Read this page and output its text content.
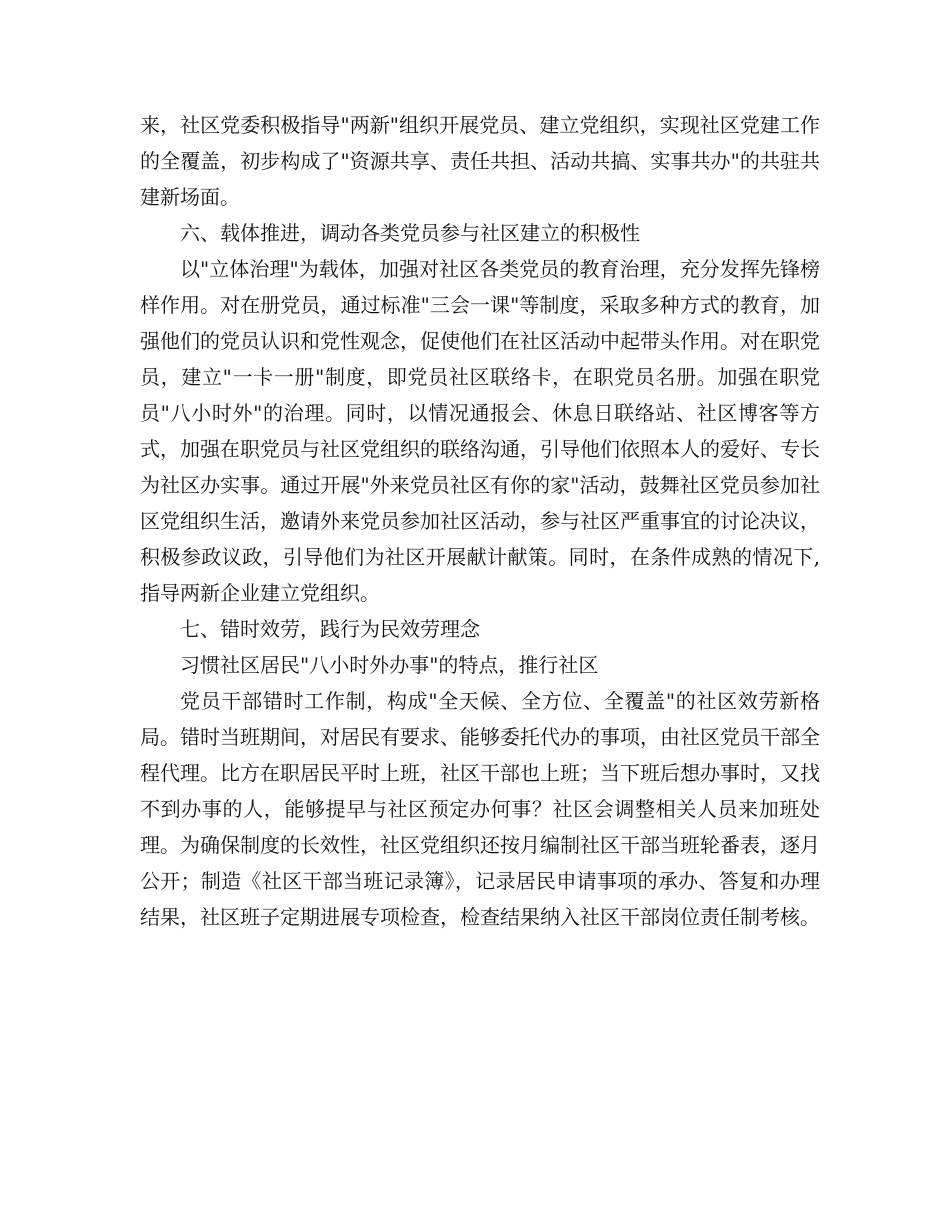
来，社区党委积极指导"两新"组织开展党员、建立党组织，实现社区党建工作的全覆盖，初步构成了"资源共享、责任共担、活动共搞、实事共办"的共驻共建新场面。

六、载体推进，调动各类党员参与社区建立的积极性

以"立体治理"为载体，加强对社区各类党员的教育治理，充分发挥先锋榜样作用。对在册党员，通过标准"三会一课"等制度，采取多种方式的教育，加强他们的党员认识和党性观念，促使他们在社区活动中起带头作用。对在职党员，建立"一卡一册"制度，即党员社区联络卡，在职党员名册。加强在职党员"八小时外"的治理。同时，以情况通报会、休息日联络站、社区博客等方式，加强在职党员与社区党组织的联络沟通，引导他们依照本人的爱好、专长为社区办实事。通过开展"外来党员社区有你的家"活动，鼓舞社区党员参加社区党组织生活，邀请外来党员参加社区活动，参与社区严重事宜的讨论决议，积极参政议政，引导他们为社区开展献计献策。同时，在条件成熟的情况下,指导两新企业建立党组织。

七、错时效劳，践行为民效劳理念

习惯社区居民"八小时外办事"的特点，推行社区

党员干部错时工作制，构成"全天候、全方位、全覆盖"的社区效劳新格局。错时当班期间，对居民有要求、能够委托代办的事项，由社区党员干部全程代理。比方在职居民平时上班，社区干部也上班；当下班后想办事时，又找不到办事的人，能够提早与社区预定办何事？社区会调整相关人员来加班处理。为确保制度的长效性，社区党组织还按月编制社区干部当班轮番表，逐月公开；制造《社区干部当班记录簿》，记录居民申请事项的承办、答复和办理结果，社区班子定期进展专项检查，检查结果纳入社区干部岗位责任制考核。
